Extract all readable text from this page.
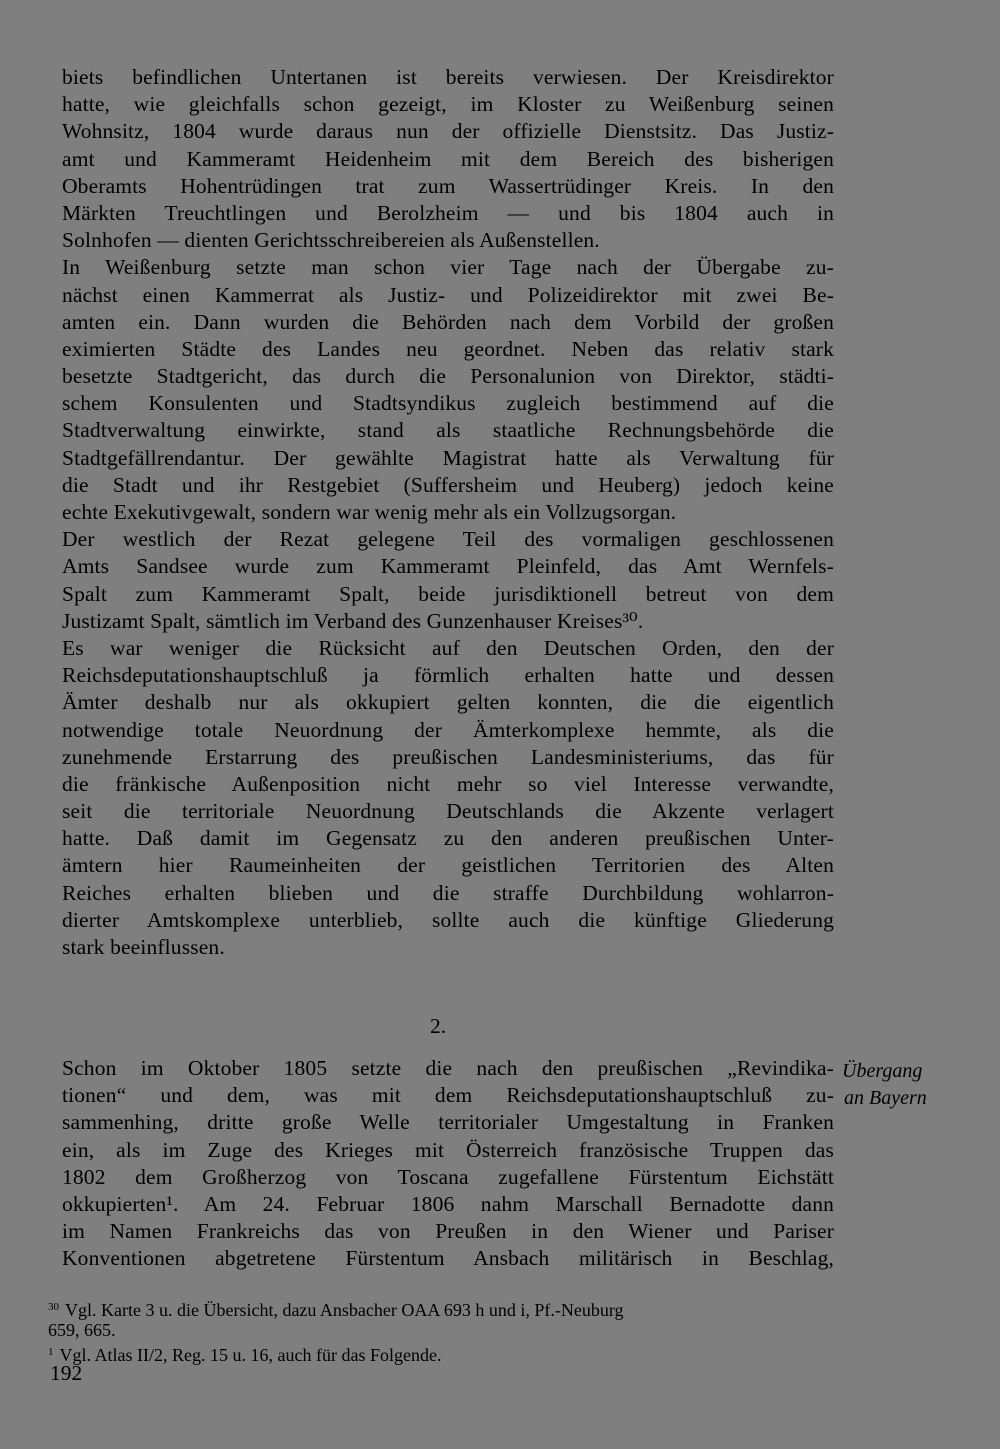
biets befindlichen Untertanen ist bereits verwiesen. Der Kreisdirektor
hatte, wie gleichfalls schon gezeigt, im Kloster zu Weißenburg seinen
Wohnsitz, 1804 wurde daraus nun der offizielle Dienstsitz. Das Justiz-
amt und Kammeramt Heidenheim mit dem Bereich des bisherigen
Oberamts Hohentrüdingen trat zum Wassertrüdinger Kreis. In den
Märkten Treuchtlingen und Berolzheim — und bis 1804 auch in
Solnhofen — dienten Gerichtsschreibereien als Außenstellen.
In Weißenburg setzte man schon vier Tage nach der Übergabe zu-
nächst einen Kammerrat als Justiz- und Polizeidirektor mit zwei Be-
amten ein. Dann wurden die Behörden nach dem Vorbild der großen
eximierten Städte des Landes neu geordnet. Neben das relativ stark
besetzte Stadtgericht, das durch die Personalunion von Direktor, städti-
schem Konsulenten und Stadtsyndikus zugleich bestimmend auf die
Stadtverwaltung einwirkte, stand als staatliche Rechnungsbehörde die
Stadtgefällrendantur. Der gewählte Magistrat hatte als Verwaltung für
die Stadt und ihr Restgebiet (Suffersheim und Heuberg) jedoch keine
echte Exekutivgewalt, sondern war wenig mehr als ein Vollzugsorgan.
Der westlich der Rezat gelegene Teil des vormaligen geschlossenen
Amts Sandsee wurde zum Kammeramt Pleinfeld, das Amt Wernfels-
Spalt zum Kammeramt Spalt, beide jurisdiktionell betreut von dem
Justizamt Spalt, sämtlich im Verband des Gunzenhauser Kreises³⁰.
Es war weniger die Rücksicht auf den Deutschen Orden, den der
Reichsdeputationshauptschluß ja förmlich erhalten hatte und dessen
Ämter deshalb nur als okkupiert gelten konnten, die die eigentlich
notwendige totale Neuordnung der Ämterkomplexe hemmte, als die
zunehmende Erstarrung des preußischen Landesministeriums, das für
die fränkische Außenposition nicht mehr so viel Interesse verwandte,
seit die territoriale Neuordnung Deutschlands die Akzente verlagert
hatte. Daß damit im Gegensatz zu den anderen preußischen Unter-
ämtern hier Raumeinheiten der geistlichen Territorien des Alten
Reiches erhalten blieben und die straffe Durchbildung wohlarron-
dierter Amtskomplexe unterblieb, sollte auch die künftige Gliederung
stark beeinflussen.
2.
Übergang
an Bayern
Schon im Oktober 1805 setzte die nach den preußischen „Revindika-
tionen“ und dem, was mit dem Reichsdeputationshauptschluß zu-
sammenhing, dritte große Welle territorialer Umgestaltung in Franken
ein, als im Zuge des Krieges mit Österreich französische Truppen das
1802 dem Großherzog von Toscana zugefallene Fürstentum Eichstätt
okkupierten¹. Am 24. Februar 1806 nahm Marschall Bernadotte dann
im Namen Frankreichs das von Preußen in den Wiener und Pariser
Konventionen abgetretene Fürstentum Ansbach militärisch in Beschlag,
$^{30}$ Vgl. Karte 3 u. die Übersicht, dazu Ansbacher OAA 693 h und i, Pf.-Neuburg
659, 665.
$^1$ Vgl. Atlas II/2, Reg. 15 u. 16, auch für das Folgende.
192
